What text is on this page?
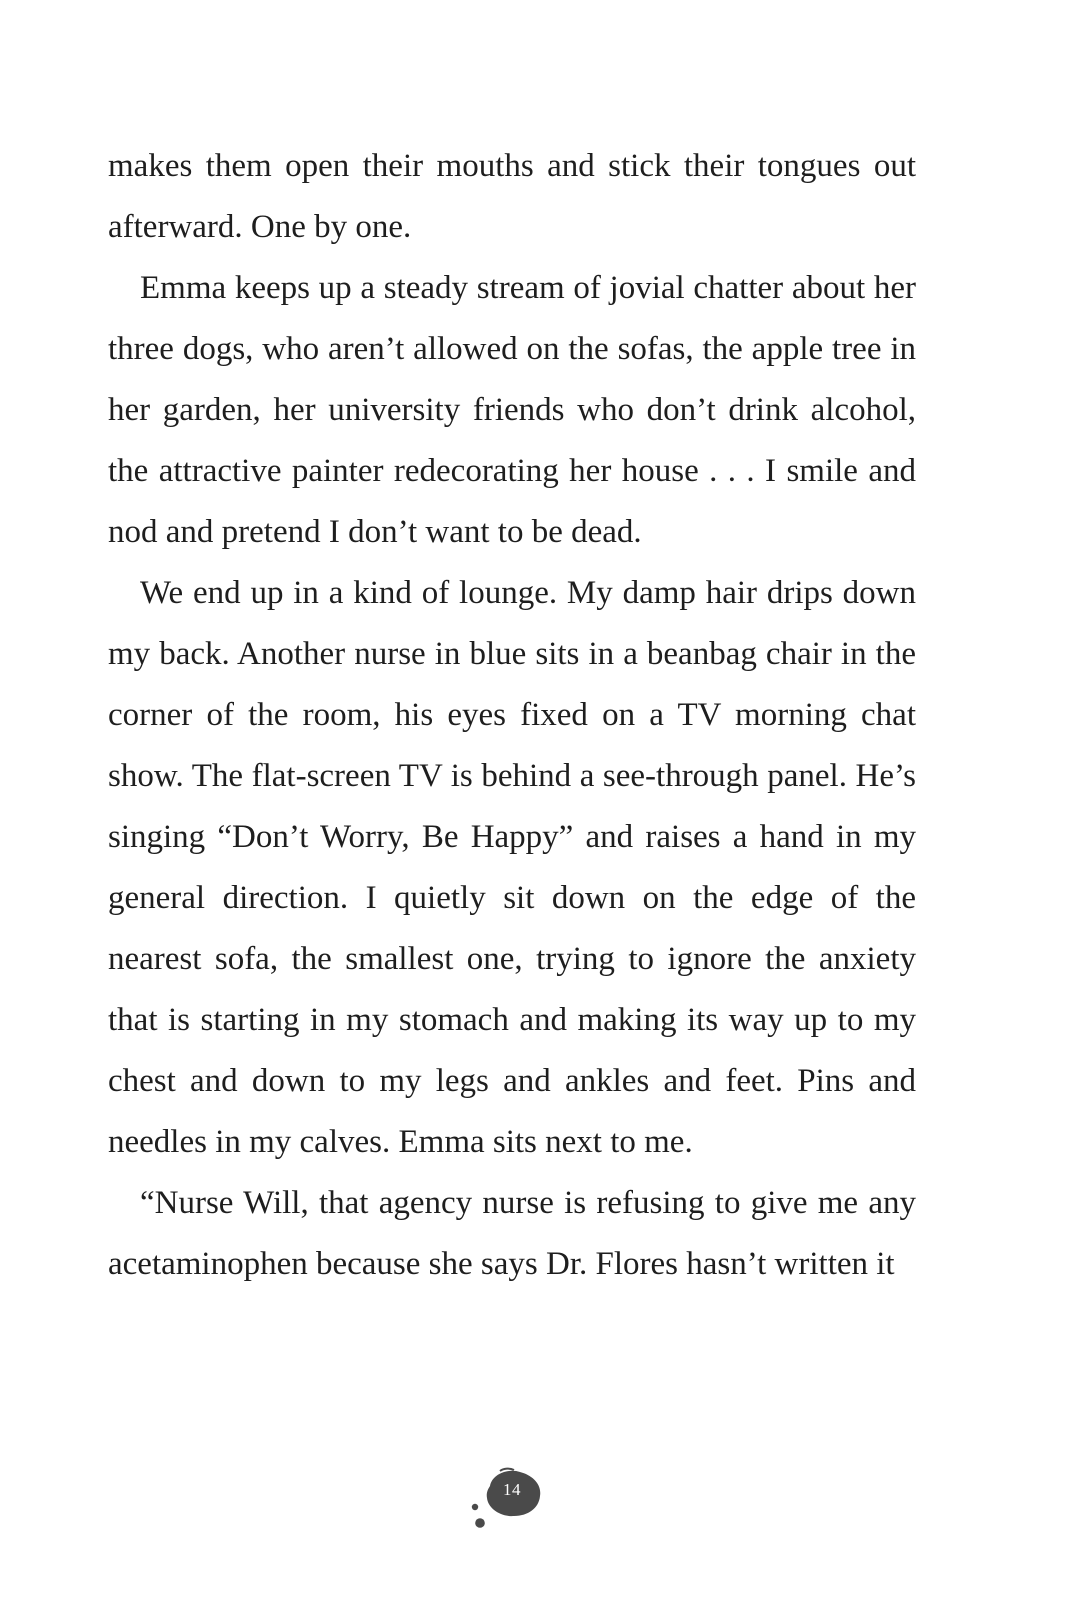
makes them open their mouths and stick their tongues out afterward. One by one.

Emma keeps up a steady stream of jovial chatter about her three dogs, who aren’t allowed on the sofas, the apple tree in her garden, her university friends who don’t drink alcohol, the attractive painter redecorating her house . . . I smile and nod and pretend I don’t want to be dead.

We end up in a kind of lounge. My damp hair drips down my back. Another nurse in blue sits in a beanbag chair in the corner of the room, his eyes fixed on a TV morning chat show. The flat-screen TV is behind a see-through panel. He’s singing “Don’t Worry, Be Happy” and raises a hand in my general direction. I quietly sit down on the edge of the nearest sofa, the smallest one, trying to ignore the anxiety that is starting in my stomach and making its way up to my chest and down to my legs and ankles and feet. Pins and needles in my calves. Emma sits next to me.

“Nurse Will, that agency nurse is refusing to give me any acetaminophen because she says Dr. Flores hasn’t written it

14
